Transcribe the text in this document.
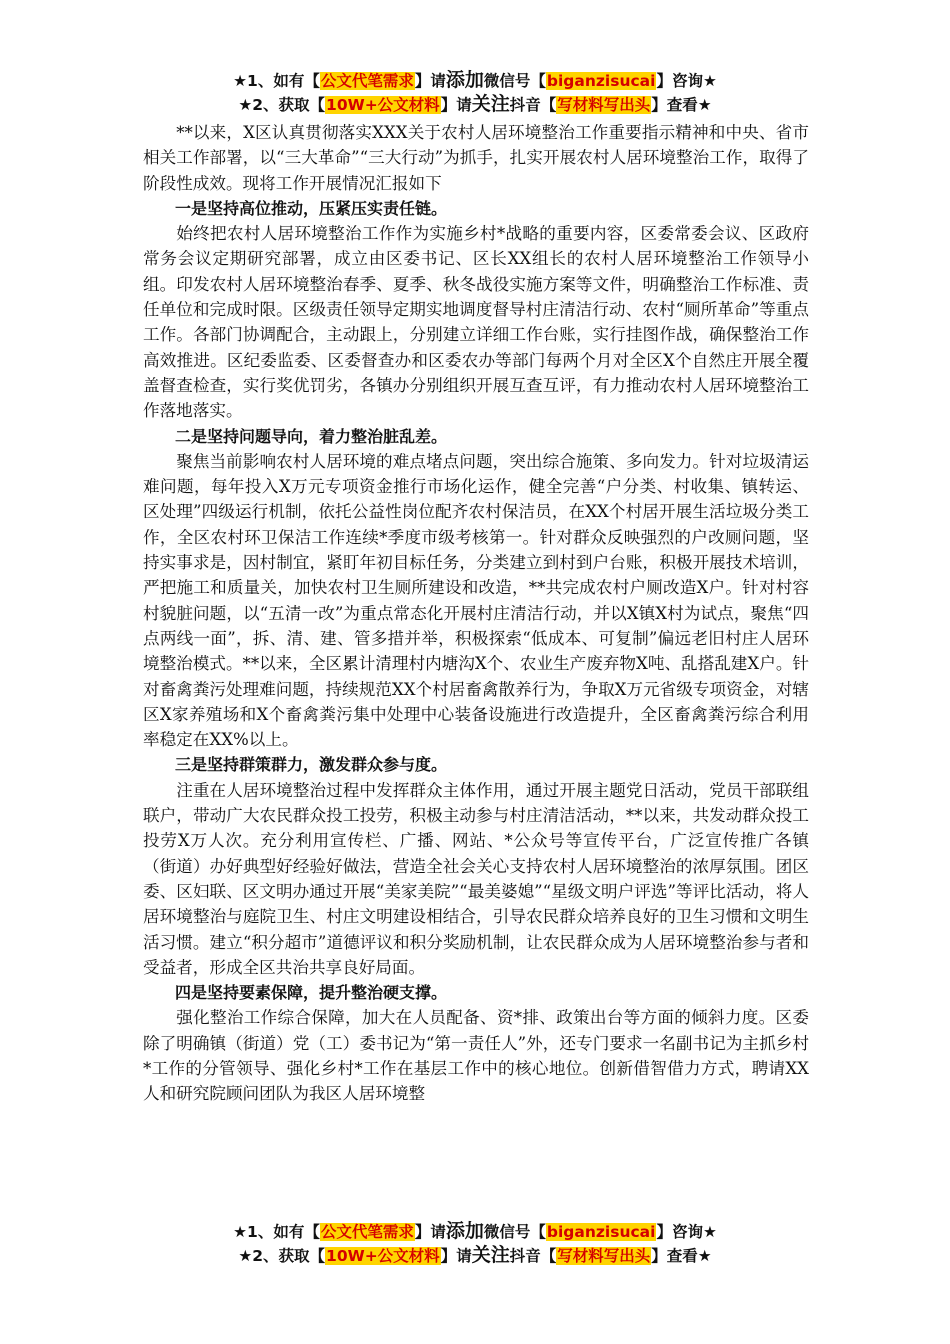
★1、如有【公文代笔需求】请添加微信号【biganzisucai】咨询★
★2、获取【10W+公文材料】请关注抖音【写材料写出头】查看★

**以来，X区认真贯彻落实XXX关于农村人居环境整治工作重要指示精神和中央、省市相关工作部署，以“三大革命”“三大行动”为抓手，扎实开展农村人居环境整治工作，取得了阶段性成效。现将工作开展情况汇报如下

一是坚持高位推动，压紧压实责任链。

始终把农村人居环境整治工作作为实施乡村*战略的重要内容，区委常委会议、区政府常务会议定期研究部署，成立由区委书记、区长XX组长的农村人居环境整治工作领导小组。印发农村人居环境整治春季、夏季、秋冬战役实施方案等文件，明确整治工作标准、责任单位和完成时限。区级责任领导定期实地调度督导村庄清洁行动、农村“厕所革命”等重点工作。各部门协调配合，主动跟上，分别建立详细工作台账，实行挂图作战，确保整治工作高效推进。区纪委监委、区委督查办和区委农办等部门每两个月对全区X个自然庄开展全覆盖督查检查，实行奖优罚劣，各镇办分别组织开展互查互评，有力推动农村人居环境整治工作落地落实。

二是坚持问题导向，着力整治脏乱差。

聚焦当前影响农村人居环境的难点堵点问题，突出综合施策、多向发力。针对垃圾清运难问题，每年投入X万元专项资金推行市场化运作，健全完善“户分类、村收集、镇转运、区处理”四级运行机制，依托公益性岗位配齐农村保洁员，在XX个村居开展生活垃圾分类工作，全区农村环卫保洁工作连续*季度市级考核第一。针对群众反映强烈的户改厕问题，坚持实事求是，因村制宜，紧盯年初目标任务，分类建立到村到户台账，积极开展技术培训，严把施工和质量关，加快农村卫生厕所建设和改造，**共完成农村户厕改造X户。针对村容村貌脏问题，以“五清一改”为重点常态化开展村庄清洁行动，并以X镇X村为试点，聚焦“四点两线一面”，拆、清、建、管多措并举，积极探索“低成本、可复制”偏远老旧村庄人居环境整治模式。**以来，全区累计清理村内塘沟X个、农业生产废弃物X吨、乱搭乱建X户。针对畜禽粪污处理难问题，持续规范XX个村居畜禽散养行为，争取X万元省级专项资金，对辖区X家养殖场和X个畜禽粪污集中处理中心装备设施进行改造提升，全区畜禽粪污综合利用率稳定在XX%以上。

三是坚持群策群力，激发群众参与度。

注重在人居环境整治过程中发挥群众主体作用，通过开展主题党日活动，党员干部联组联户，带动广大农民群众投工投劳，积极主动参与村庄清洁活动，**以来，共发动群众投工投劳X万人次。充分利用宣传栏、广播、网站、*公众号等宣传平台，广泛宣传推广各镇（街道）办好典型好经验好做法，营造全社会关心支持农村人居环境整治的浓厚氛围。团区委、区妇联、区文明办通过开展“美家美院”“最美婆媳”“星级文明户评选”等评比活动，将人居环境整治与庭院卫生、村庄文明建设相结合，引导农民群众培养良好的卫生习惯和文明生活习惯。建立“积分超市”道德评议和积分奖励机制，让农民群众成为人居环境整治参与者和受益者，形成全区共治共享良好局面。

四是坚持要素保障，提升整治硬支撑。

强化整治工作综合保障，加大在人员配备、资*排、政策出台等方面的倾斜力度。区委除了明确镇（街道）党（工）委书记为“第一责任人”外，还专门要求一名副书记为主抓乡村*工作的分管领导、强化乡村*工作在基层工作中的核心地位。创新借智借力方式，聘请XX人和研究院顾问团队为我区人居环境整

★1、如有【公文代笔需求】请添加微信号【biganzisucai】咨询★
★2、获取【10W+公文材料】请关注抖音【写材料写出头】查看★
